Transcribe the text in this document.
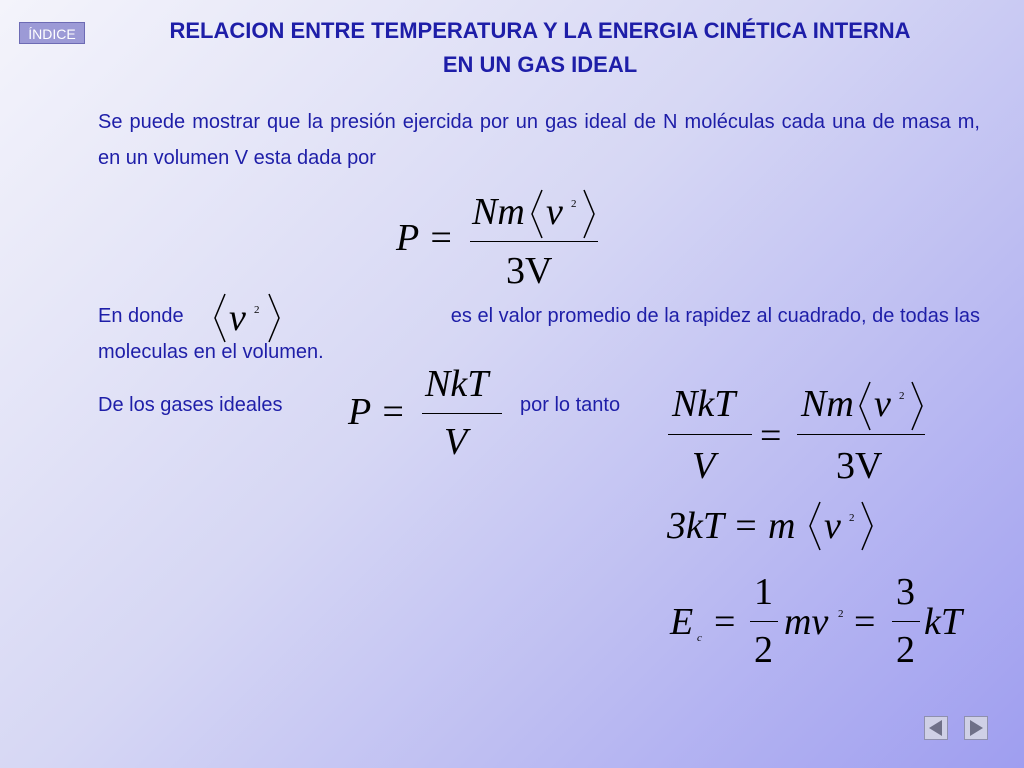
ÍNDICE	RELACION ENTRE TEMPERATURA Y LA ENERGIA CINÉTICA INTERNA
EN UN GAS IDEAL
Se puede mostrar que la presión ejercida por un gas ideal de N moléculas cada una de masa m, en un volumen V esta dada por
P =
Nm v 2
3V
En donde	es el valor promedio de la rapidez al cuadrado, de todas las
moleculas en el volumen.
v 2
De los gases ideales	por lo tanto
P =
NkT
V
NkT
V
=
Nm v 2
3V
3kT = m v 2
E c =
1
2
mv 2 =
3
2
kT
